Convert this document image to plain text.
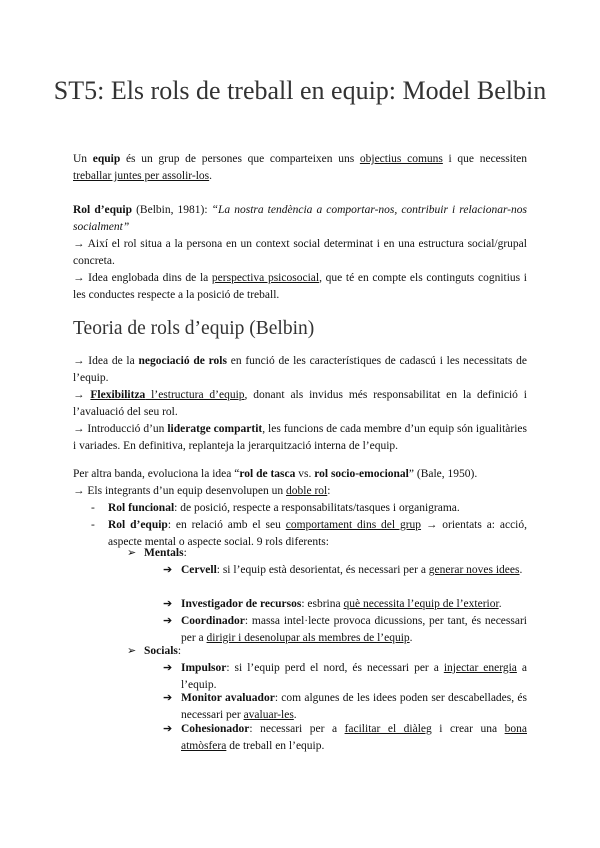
ST5: Els rols de treball en equip: Model Belbin
Un equip és un grup de persones que comparteixen uns objectius comuns i que necessiten treballar juntes per assolir-los.
Rol d’equip (Belbin, 1981): “La nostra tendència a comportar-nos, contribuir i relacionar-nos socialment”
→ Així el rol situa a la persona en un context social determinat i en una estructura social/grupal concreta.
→ Idea englobada dins de la perspectiva psicosocial, que té en compte els continguts cognitius i les conductes respecte a la posició de treball.
Teoria de rols d’equip (Belbin)
→ Idea de la negociació de rols en funció de les característiques de cadascú i les necessitats de l’equip.
→ Flexibilitza l’estructura d’equip, donant als invidus més responsabilitat en la definició i l’avaluació del seu rol.
→ Introducció d’un lideratge compartit, les funcions de cada membre d’un equip són igualitàries i variades. En definitiva, replanteja la jerarquització interna de l’equip.
Per altra banda, evoluciona la idea “rol de tasca vs. rol socio-emocional” (Bale, 1950).
→ Els integrants d’un equip desenvolupen un doble rol:
- Rol funcional: de posició, respecte a responsabilitats/tasques i organigrama.
- Rol d’equip: en relació amb el seu comportament dins del grup → orientats a: acció, aspecte mental o aspecte social. 9 rols diferents:
➢ Mentals:
➔ Cervell: si l’equip està desorientat, és necessari per a generar noves idees.
➔ Investigador de recursos: esbrina què necessita l’equip de l’exterior.
➔ Coordinador: massa intel·lecte provoca dicussions, per tant, és necessari per a dirigir i desenolupar als membres de l’equip.
➢ Socials:
➔ Impulsor: si l’equip perd el nord, és necessari per a injectar energia a l’equip.
➔ Monitor avaluador: com algunes de les idees poden ser descabellades, és necessari per avaluar-les.
➔ Cohesionador: necessari per a facilitar el diàleg i crear una bona atmòsfera de treball en l’equip.
